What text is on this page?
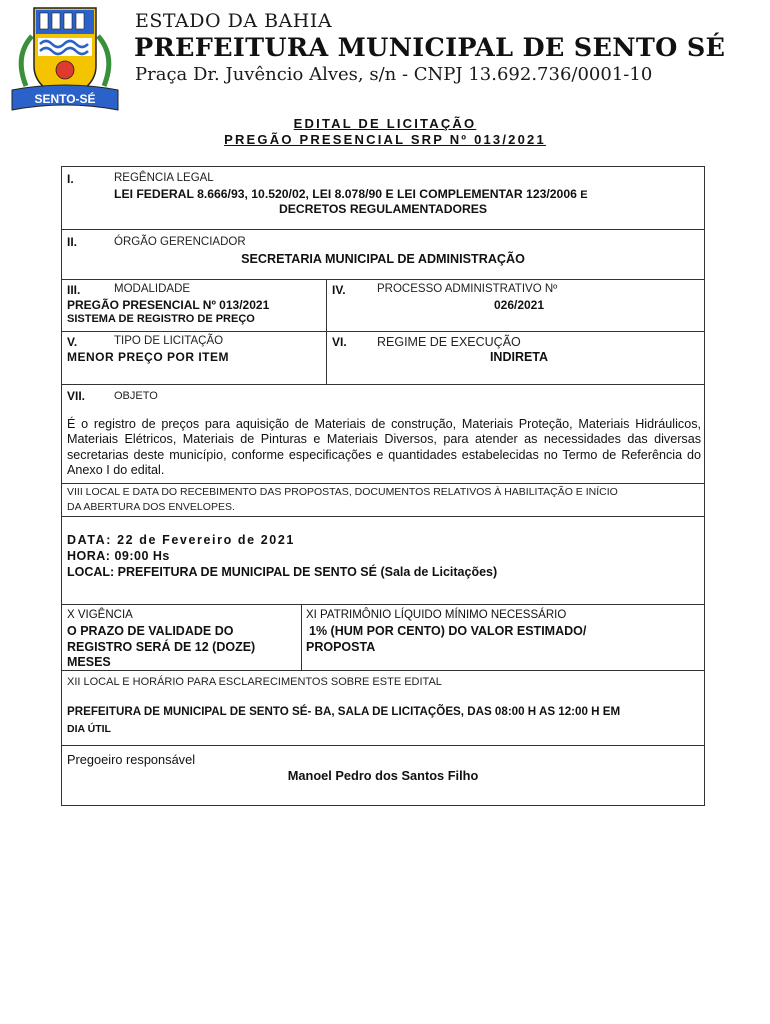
SENTO-SÉ
ESTADO DA BAHIA
PREFEITURA MUNICIPAL DE SENTO SÉ
Praça Dr. Juvêncio Alves, s/n - CNPJ 13.692.736/0001-10
EDITAL DE LICITAÇÃO
PREGÃO PRESENCIAL SRP Nº 013/2021
I.	REGÊNCIA LEGAL
LEI FEDERAL 8.666/93, 10.520/02, LEI 8.078/90 E LEI COMPLEMENTAR 123/2006 E
DECRETOS REGULAMENTADORES
II.	ÓRGÃO GERENCIADOR
SECRETARIA MUNICIPAL DE ADMINISTRAÇÃO
III.	MODALIDADE
PREGÃO PRESENCIAL Nº 013/2021
SISTEMA DE REGISTRO DE PREÇO
IV.	PROCESSO ADMINISTRATIVO Nº
026/2021
V.	TIPO DE LICITAÇÃO
MENOR PREÇO POR ITEM
VI. REGIME DE EXECUÇÃO
INDIRETA
VII.	OBJETO
É o registro de preços para aquisição de Materiais de construção, Materiais Proteção, Materiais Hidráulicos, Materiais Elétricos, Materiais de Pinturas e Materiais Diversos, para atender as necessidades das diversas secretarias deste município, conforme especificações e quantidades estabelecidas no Termo de Referência do Anexo I do edital.
VIII LOCAL E DATA DO RECEBIMENTO DAS PROPOSTAS, DOCUMENTOS RELATIVOS À HABILITAÇÃO E INÍCIO
DA ABERTURA DOS ENVELOPES.
DATA: 22 de Fevereiro de 2021
HORA: 09:00 Hs
LOCAL: PREFEITURA DE MUNICIPAL DE SENTO SÉ (Sala de Licitações)
X VIGÊNCIA
O PRAZO DE VALIDADE DO
REGISTRO SERÁ DE 12 (DOZE)
MESES
XI PATRIMÔNIO LÍQUIDO MÍNIMO NECESSÁRIO
1% (HUM POR CENTO) DO VALOR ESTIMADO/
PROPOSTA
XII LOCAL E HORÁRIO PARA ESCLARECIMENTOS SOBRE ESTE EDITAL
PREFEITURA DE MUNICIPAL DE SENTO SÉ- BA, SALA DE LICITAÇÕES, DAS 08:00 H AS 12:00 H EM
DIA ÚTIL
Pregoeiro responsável
Manoel Pedro dos Santos Filho
